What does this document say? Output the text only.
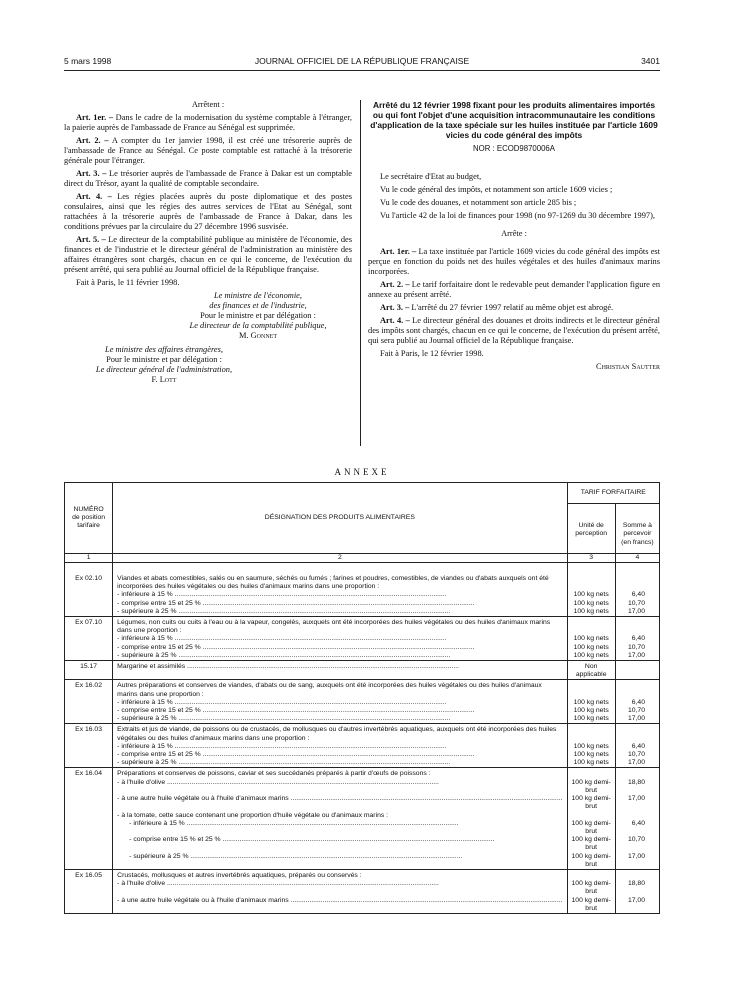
5 mars 1998	JOURNAL OFFICIEL DE LA RÉPUBLIQUE FRANÇAISE	3401

Arrêtent :

Art. 1er. – Dans le cadre de la modernisation du système comptable à l'étranger, la paierie auprès de l'ambassade de France au Sénégal est supprimée.

Art. 2. – A compter du 1er janvier 1998, il est créé une trésorerie auprès de l'ambassade de France au Sénégal. Ce poste comptable est rattaché à la trésorerie générale pour l'étranger.

Art. 3. – Le trésorier auprès de l'ambassade de France à Dakar est un comptable direct du Trésor, ayant la qualité de comptable secondaire.

Art. 4. – Les régies placées auprès du poste diplomatique et des postes consulaires, ainsi que les régies des autres services de l'Etat au Sénégal, sont rattachées à la trésorerie auprès de l'ambassade de France à Dakar, dans les conditions prévues par la circulaire du 27 décembre 1996 susvisée.

Art. 5. – Le directeur de la comptabilité publique au ministère de l'économie, des finances et de l'industrie et le directeur général de l'administration au ministère des affaires étrangères sont chargés, chacun en ce qui le concerne, de l'exécution du présent arrêté, qui sera publié au Journal officiel de la République française.

Fait à Paris, le 11 février 1998.

Le ministre de l'économie,

des finances et de l'industrie,

Pour le ministre et par délégation :

Le directeur de la comptabilité publique,

M. Gonnet

Le ministre des affaires étrangères,

Pour le ministre et par délégation :

Le directeur général de l'administration,

F. Lott

Arrêté du 12 février 1998 fixant pour les produits alimentaires importés ou qui font l'objet d'une acquisition intracommunautaire les conditions d'application de la taxe spéciale sur les huiles instituée par l'article 1609 vicies du code général des impôts

NOR : ECOD9870006A

Le secrétaire d'Etat au budget,

Vu le code général des impôts, et notamment son article 1609 vicies ;

Vu le code des douanes, et notamment son article 285 bis ;

Vu l'article 42 de la loi de finances pour 1998 (no 97-1269 du 30 décembre 1997),

Arrête :

Art. 1er. – La taxe instituée par l'article 1609 vicies du code général des impôts est perçue en fonction du poids net des huiles végétales et des huiles d'animaux marins incorporées.

Art. 2. – Le tarif forfaitaire dont le redevable peut demander l'application figure en annexe au présent arrêté.

Art. 3. – L'arrêté du 27 février 1997 relatif au même objet est abrogé.

Art. 4. – Le directeur général des douanes et droits indirects et le directeur général des impôts sont chargés, chacun en ce qui le concerne, de l'exécution du présent arrêté, qui sera publié au Journal officiel de la République française.

Fait à Paris, le 12 février 1998.

Christian Sautter

ANNEXE
NUMÉRO de position tarifaire	DÉSIGNATION DES PRODUITS ALIMENTAIRES	TARIF FORFAITAIRE	
		Unité de perception	Somme à percevoir (en francs)
1	2	3	4
Ex 02.10	Viandes et abats comestibles, salés ou en saumure, séchés ou fumés ; farines et poudres, comestibles, de viandes ou d'abats auxquels ont été incorporées des huiles végétales ou des huiles d'animaux marins dans une proportion :		

	- inférieure à 15 % .....	100 kg nets	6,40

	- comprise entre 15 et 25 % .....	100 kg nets	10,70

	- supérieure à 25 % .....	100 kg nets	17,00
Ex 07.10	Légumes, non cuits ou cuits à l'eau ou à la vapeur, congelés, auxquels ont été incorporées des huiles végétales ou des huiles d'animaux marins dans une proportion :		

	- inférieure à 15 % .....	100 kg nets	6,40

	- comprise entre 15 et 25 % .....	100 kg nets	10,70

	- supérieure à 25 % .....	100 kg nets	17,00
15.17	Margarine et assimilés .....	Non applicable	
Ex 16.02	Autres préparations et conserves de viandes, d'abats ou de sang, auxquels ont été incorporées des huiles végétales ou des huiles d'animaux marins dans une proportion :		

	- inférieure à 15 % .....	100 kg nets	6,40

	- comprise entre 15 et 25 % .....	100 kg nets	10,70

	- supérieure à 25 % .....	100 kg nets	17,00
Ex 16.03	Extraits et jus de viande, de poissons ou de crustacés, de mollusques ou d'autres invertébrés aquatiques, auxquels ont été incorporées des huiles végétales ou des huiles d'animaux marins dans une proportion :		

	- inférieure à 15 % .....	100 kg nets	6,40

	- comprise entre 15 et 25 % .....	100 kg nets	10,70

	- supérieure à 25 % .....	100 kg nets	17,00
Ex 16.04	Préparations et conserves de poissons, caviar et ses succédanés préparés à partir d'œufs de poissons :		

	- à l'huile d'olive .....	100 kg demi-brut	18,80

	- à une autre huile végétale ou à l'huile d'animaux marins .....	100 kg demi-brut	17,00

	- à la tomate, cette sauce contenant une proportion d'huile végétale ou d'animaux marins :		

	- inférieure à 15 % .....	100 kg demi-brut	6,40

	- comprise entre 15 % et 25 % .....	100 kg demi-brut	10,70

	- supérieure à 25 % .....	100 kg demi-brut	17,00
Ex 16.05	Crustacés, mollusques et autres invertébrés aquatiques, préparés ou conservés :		

	- à l'huile d'olive .....	100 kg demi-brut	18,80

	- à une autre huile végétale ou à l'huile d'animaux marins .....	100 kg demi-brut	17,00
